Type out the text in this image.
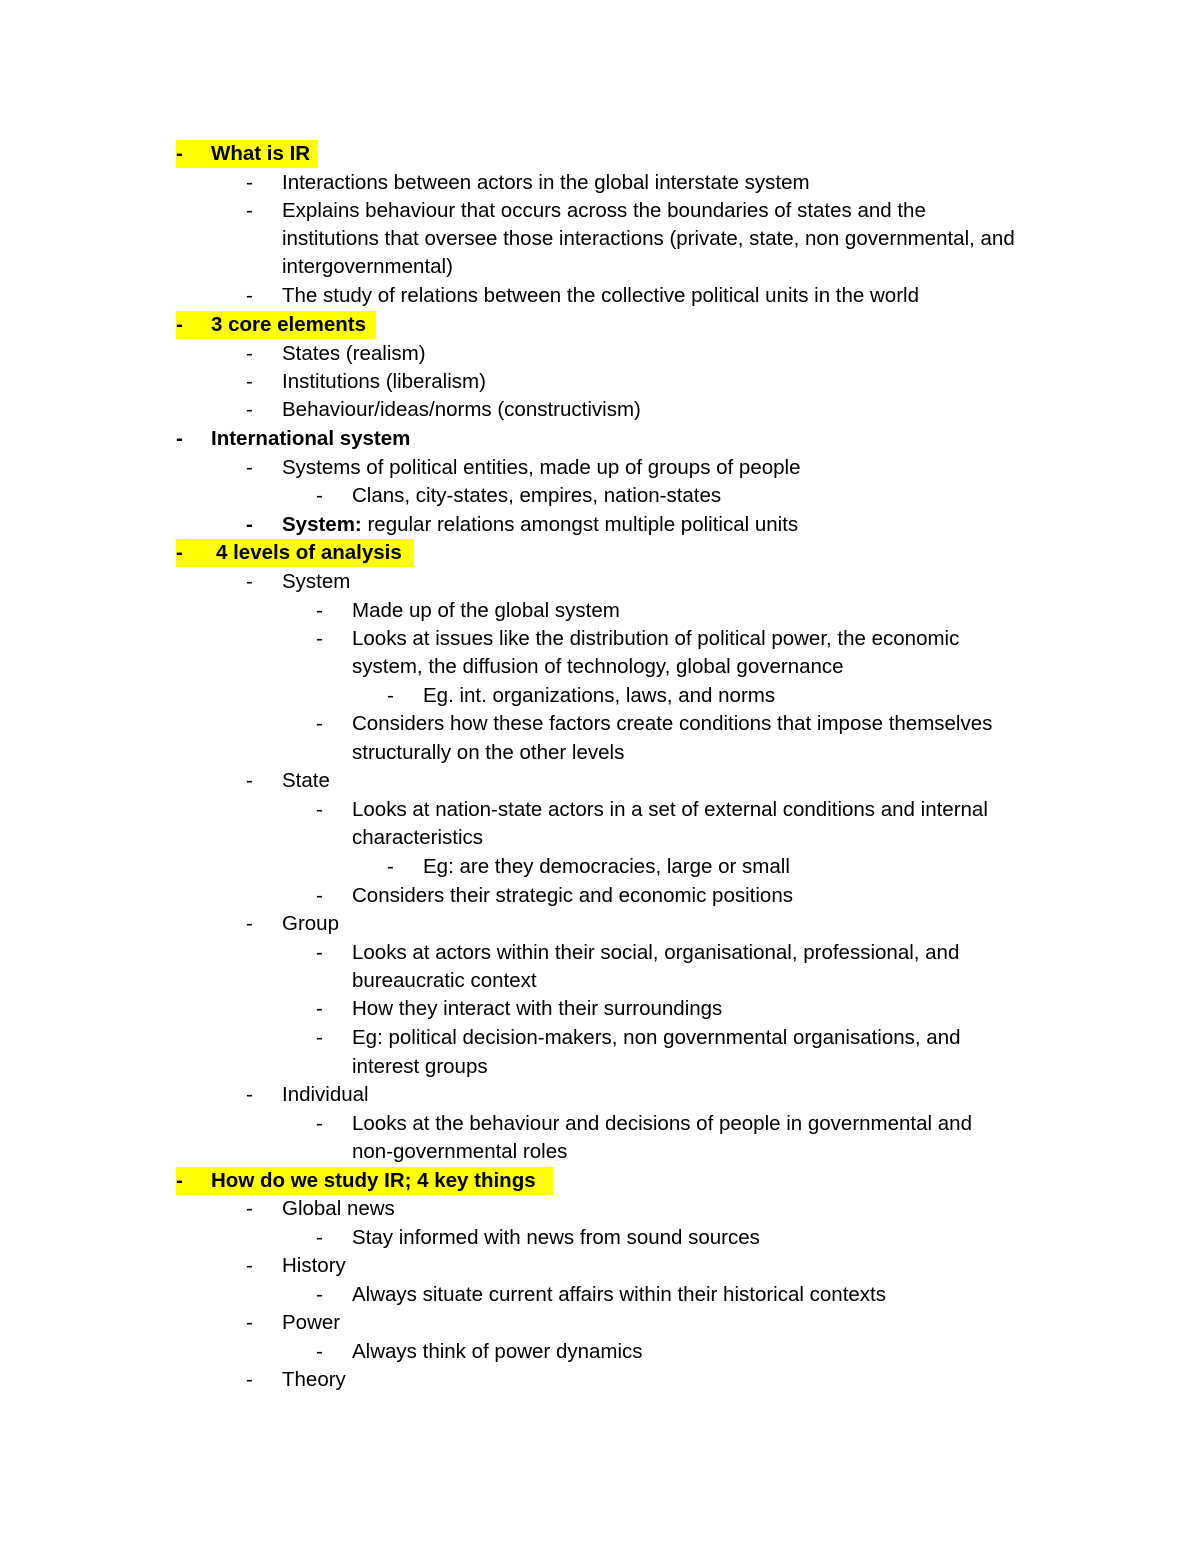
- What is IR
- Interactions between actors in the global interstate system
- Explains behaviour that occurs across the boundaries of states and the
institutions that oversee those interactions (private, state, non governmental, and
intergovernmental)
- The study of relations between the collective political units in the world
- 3 core elements
- States (realism)
- Institutions (liberalism)
- Behaviour/ideas/norms (constructivism)
- International system
- Systems of political entities, made up of groups of people
- Clans, city-states, empires, nation-states
- System: regular relations amongst multiple political units
- 4 levels of analysis
- System
- Made up of the global system
- Looks at issues like the distribution of political power, the economic
system, the diffusion of technology, global governance
- Eg. int. organizations, laws, and norms
- Considers how these factors create conditions that impose themselves
structurally on the other levels
- State
- Looks at nation-state actors in a set of external conditions and internal
characteristics
- Eg: are they democracies, large or small
- Considers their strategic and economic positions
- Group
- Looks at actors within their social, organisational, professional, and
bureaucratic context
- How they interact with their surroundings
- Eg: political decision-makers, non governmental organisations, and
interest groups
- Individual
- Looks at the behaviour and decisions of people in governmental and
non-governmental roles
- How do we study IR; 4 key things
- Global news
- Stay informed with news from sound sources
- History
- Always situate current affairs within their historical contexts
- Power
- Always think of power dynamics
- Theory
